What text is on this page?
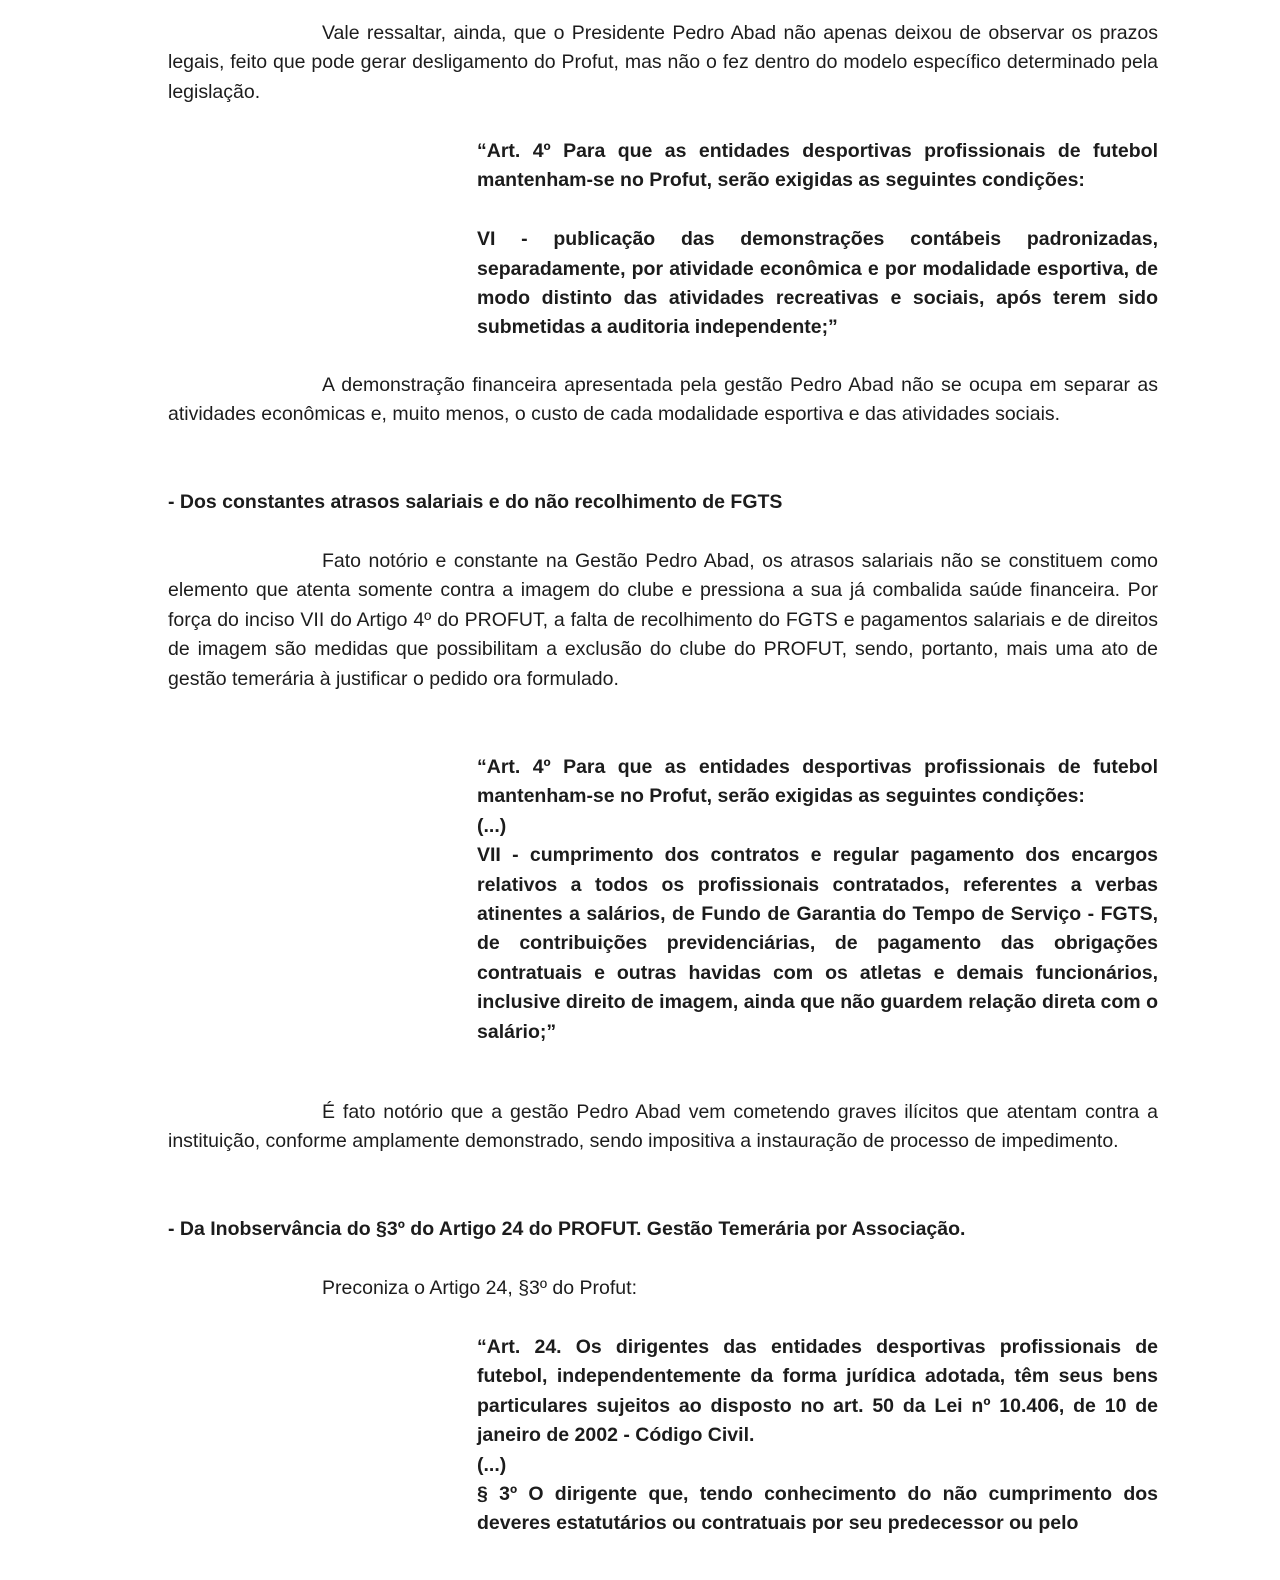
Vale ressaltar, ainda, que o Presidente Pedro Abad não apenas deixou de observar os prazos legais, feito que pode gerar desligamento do Profut, mas não o fez dentro do modelo específico determinado pela legislação.

“Art. 4º Para que as entidades desportivas profissionais de futebol mantenham-se no Profut, serão exigidas as seguintes condições:
VI - publicação das demonstrações contábeis padronizadas, separadamente, por atividade econômica e por modalidade esportiva, de modo distinto das atividades recreativas e sociais, após terem sido submetidas a auditoria independente;”

A demonstração financeira apresentada pela gestão Pedro Abad não se ocupa em separar as atividades econômicas e, muito menos, o custo de cada modalidade esportiva e das atividades sociais.

- Dos constantes atrasos salariais e do não recolhimento de FGTS

Fato notório e constante na Gestão Pedro Abad, os atrasos salariais não se constituem como elemento que atenta somente contra a imagem do clube e pressiona a sua já combalida saúde financeira. Por força do inciso VII do Artigo 4º do PROFUT, a falta de recolhimento do FGTS e pagamentos salariais e de direitos de imagem são medidas que possibilitam a exclusão do clube do PROFUT, sendo, portanto, mais uma ato de gestão temerária à justificar o pedido ora formulado.

“Art. 4º Para que as entidades desportivas profissionais de futebol mantenham-se no Profut, serão exigidas as seguintes condições:
(...)
VII - cumprimento dos contratos e regular pagamento dos encargos relativos a todos os profissionais contratados, referentes a verbas atinentes a salários, de Fundo de Garantia do Tempo de Serviço - FGTS, de contribuições previdenciárias, de pagamento das obrigações contratuais e outras havidas com os atletas e demais funcionários, inclusive direito de imagem, ainda que não guardem relação direta com o salário;”

É fato notório que a gestão Pedro Abad vem cometendo graves ilícitos que atentam contra a instituição, conforme amplamente demonstrado, sendo impositiva a instauração de processo de impedimento.

- Da Inobservância do §3º do Artigo 24 do PROFUT. Gestão Temerária por Associação.

Preconiza o Artigo 24, §3º do Profut:

“Art. 24. Os dirigentes das entidades desportivas profissionais de futebol, independentemente da forma jurídica adotada, têm seus bens particulares sujeitos ao disposto no art. 50 da Lei nº 10.406, de 10 de janeiro de 2002 - Código Civil.
(...)
§ 3º O dirigente que, tendo conhecimento do não cumprimento dos deveres estatutários ou contratuais por seu predecessor ou pelo
